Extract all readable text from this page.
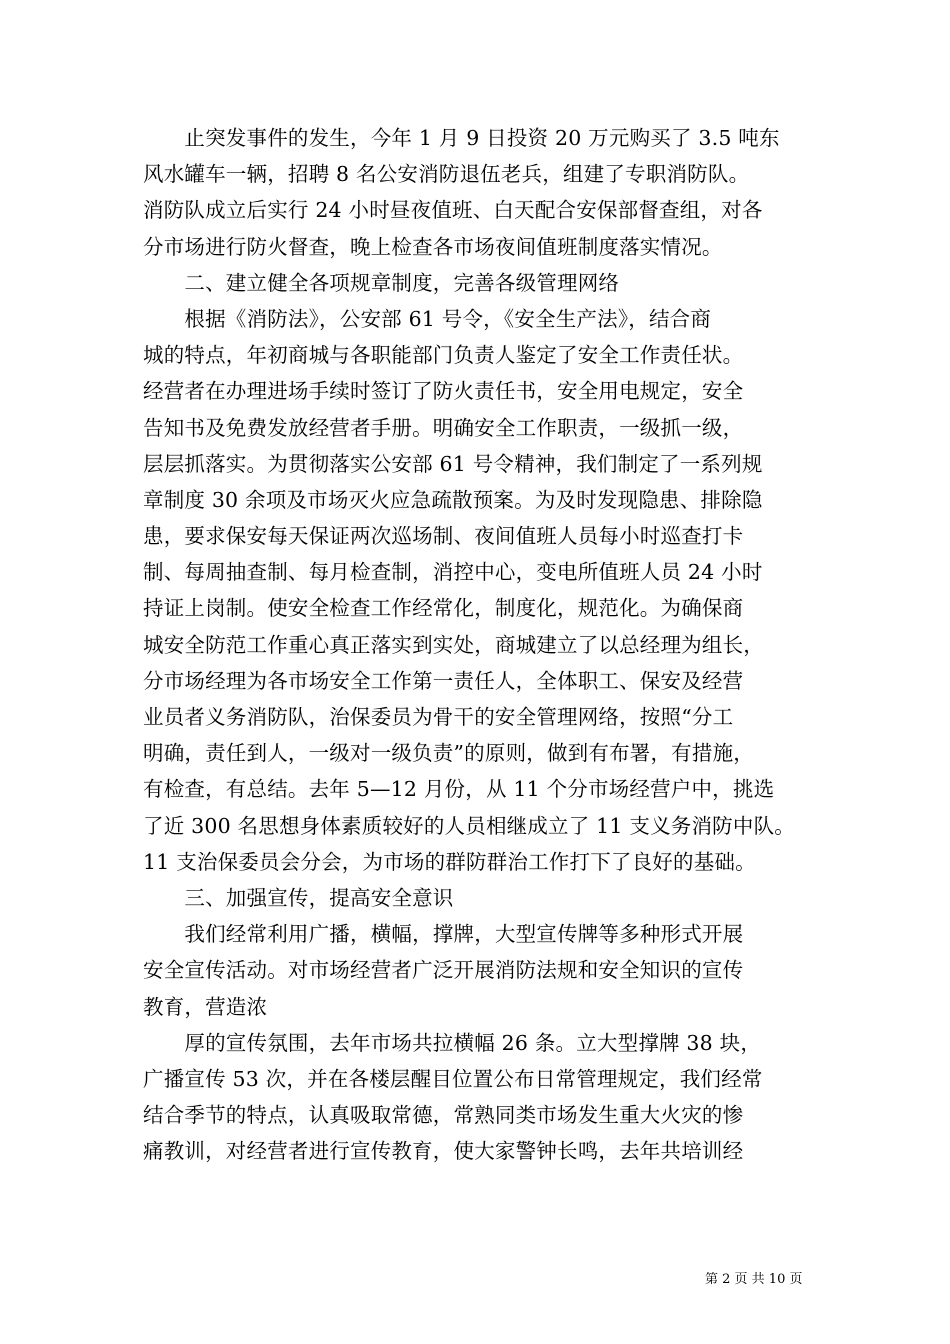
　　止突发事件的发生，今年 1 月 9 日投资 20 万元购买了 3.5 吨东
风水罐车一辆，招聘 8 名公安消防退伍老兵，组建了专职消防队。
消防队成立后实行 24 小时昼夜值班、白天配合安保部督查组，对各
分市场进行防火督查，晚上检查各市场夜间值班制度落实情况。
　　二、建立健全各项规章制度，完善各级管理网络
　　根据《消防法》，公安部 61 号令，《安全生产法》，结合商
城的特点，年初商城与各职能部门负责人鉴定了安全工作责任状。
经营者在办理进场手续时签订了防火责任书，安全用电规定，安全
告知书及免费发放经营者手册。明确安全工作职责，一级抓一级，
层层抓落实。为贯彻落实公安部 61 号令精神，我们制定了一系列规
章制度 30 余项及市场灭火应急疏散预案。为及时发现隐患、排除隐
患，要求保安每天保证两次巡场制、夜间值班人员每小时巡查打卡
制、每周抽查制、每月检查制，消控中心，变电所值班人员 24 小时
持证上岗制。使安全检查工作经常化，制度化，规范化。为确保商
城安全防范工作重心真正落实到实处，商城建立了以总经理为组长，
分市场经理为各市场安全工作第一责任人，全体职工、保安及经营
业员者义务消防队，治保委员为骨干的安全管理网络，按照“分工
明确，责任到人，一级对一级负责”的原则，做到有布署，有措施，
有检查，有总结。去年 5—12 月份，从 11 个分市场经营户中，挑选
了近 300 名思想身体素质较好的人员相继成立了 11 支义务消防中队。
11 支治保委员会分会，为市场的群防群治工作打下了良好的基础。
　　三、加强宣传，提高安全意识
　　我们经常利用广播，横幅，撑牌，大型宣传牌等多种形式开展
安全宣传活动。对市场经营者广泛开展消防法规和安全知识的宣传
教育，营造浓
　　厚的宣传氛围，去年市场共拉横幅 26 条。立大型撑牌 38 块，
广播宣传 53 次，并在各楼层醒目位置公布日常管理规定，我们经常
结合季节的特点，认真吸取常德，常熟同类市场发生重大火灾的惨
痛教训，对经营者进行宣传教育，使大家警钟长鸣，去年共培训经
第 2 页 共 10 页
